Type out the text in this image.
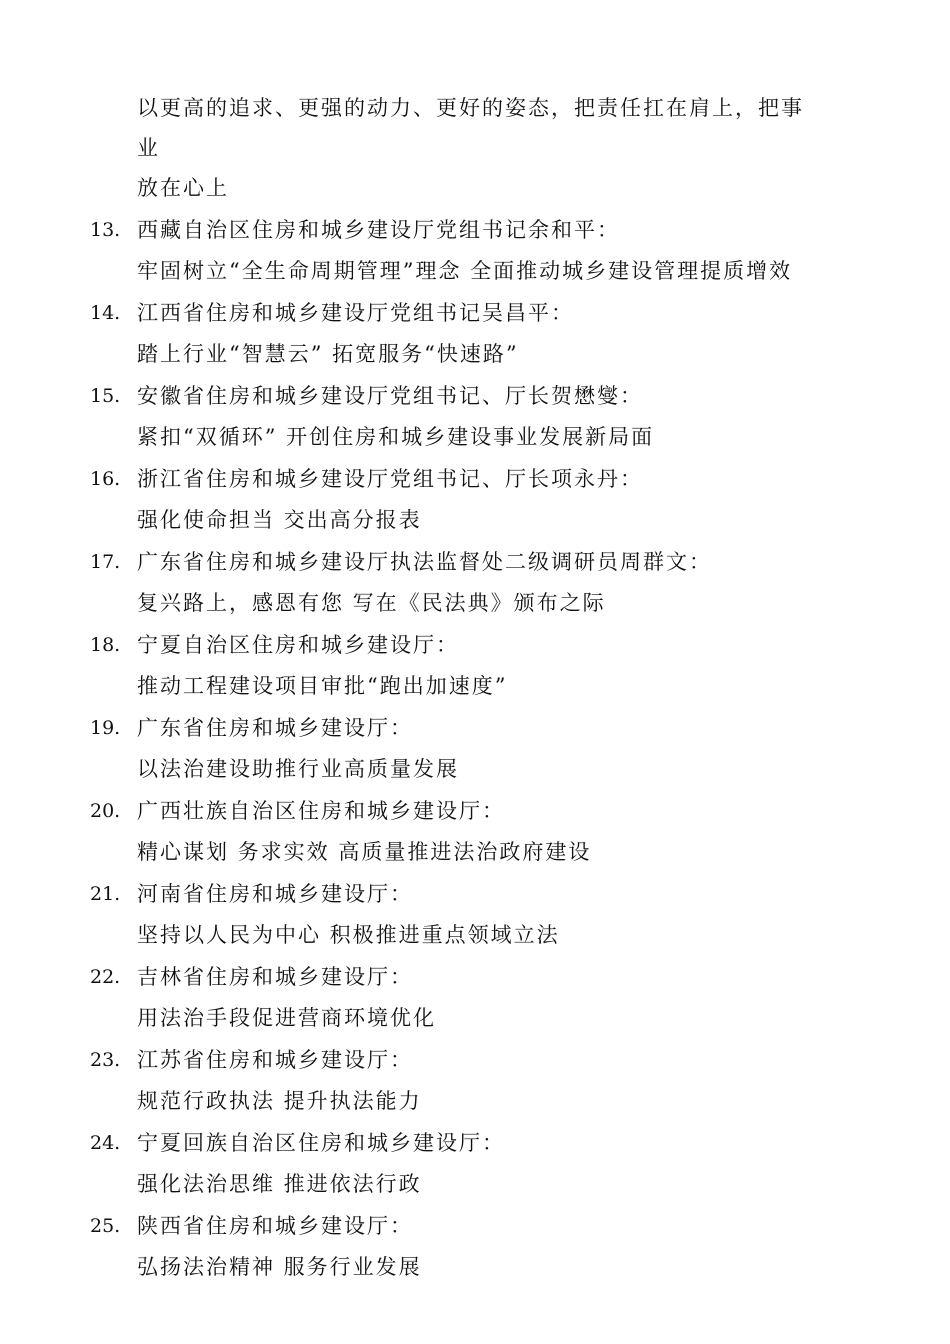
以更高的追求、更强的动力、更好的姿态，把责任扛在肩上，把事
业
放在心上
13. 西藏自治区住房和城乡建设厅党组书记余和平：
牢固树立“全生命周期管理”理念 全面推动城乡建设管理提质增效
14. 江西省住房和城乡建设厅党组书记吴昌平：
踏上行业“智慧云” 拓宽服务“快速路”
15. 安徽省住房和城乡建设厅党组书记、厅长贺懋燮：
紧扣“双循环” 开创住房和城乡建设事业发展新局面
16. 浙江省住房和城乡建设厅党组书记、厅长项永丹：
强化使命担当 交出高分报表
17. 广东省住房和城乡建设厅执法监督处二级调研员周群文：
复兴路上，感恩有您 写在《民法典》颁布之际
18. 宁夏自治区住房和城乡建设厅：
推动工程建设项目审批“跑出加速度”
19. 广东省住房和城乡建设厅：
以法治建设助推行业高质量发展
20. 广西壮族自治区住房和城乡建设厅：
精心谋划 务求实效 高质量推进法治政府建设
21. 河南省住房和城乡建设厅：
坚持以人民为中心 积极推进重点领域立法
22. 吉林省住房和城乡建设厅：
用法治手段促进营商环境优化
23. 江苏省住房和城乡建设厅：
规范行政执法 提升执法能力
24. 宁夏回族自治区住房和城乡建设厅：
强化法治思维 推进依法行政
25. 陕西省住房和城乡建设厅：
弘扬法治精神 服务行业发展
